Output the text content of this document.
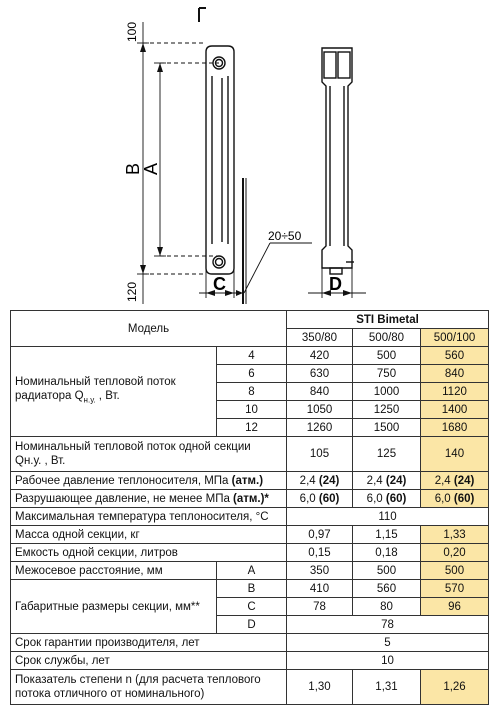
100
120
B
A
C	D
20÷50
Модель		STI Bimetal		
		350/80	500/80	500/100
Номинальный тепловой поток
радиатора $Q_{н.у.}$ , Вт.	4	420	500	560
	6	630	750	840
	8	840	1000	1120
	10	1050	1250	1400
	12	1260	1500	1680
Номинальный тепловой поток одной секции
Qн.у. , Вт.		105	125	140
Рабочее давление теплоносителя, МПа (атм.)		2,4 (24)	2,4 (24)	2,4 (24)
Разрушающее давление, не менее МПа (атм.)*		6,0 (60)	6,0 (60)	6,0 (60)
Максимальная температура теплоносителя, °С		110		
Масса одной секции, кг		0,97	1,15	1,33
Емкость одной секции, литров		0,15	0,18	0,20
Межосевое расстояние, мм	A	350	500	500
Габаритные размеры секции, мм**	B	410	560	570
	C	78	80	96
	D	78		
Срок гарантии производителя, лет		5		
Срок службы, лет		10		
Показатель степени n (для расчета теплового
потока отличного от номинального)		1,30	1,31	1,26
